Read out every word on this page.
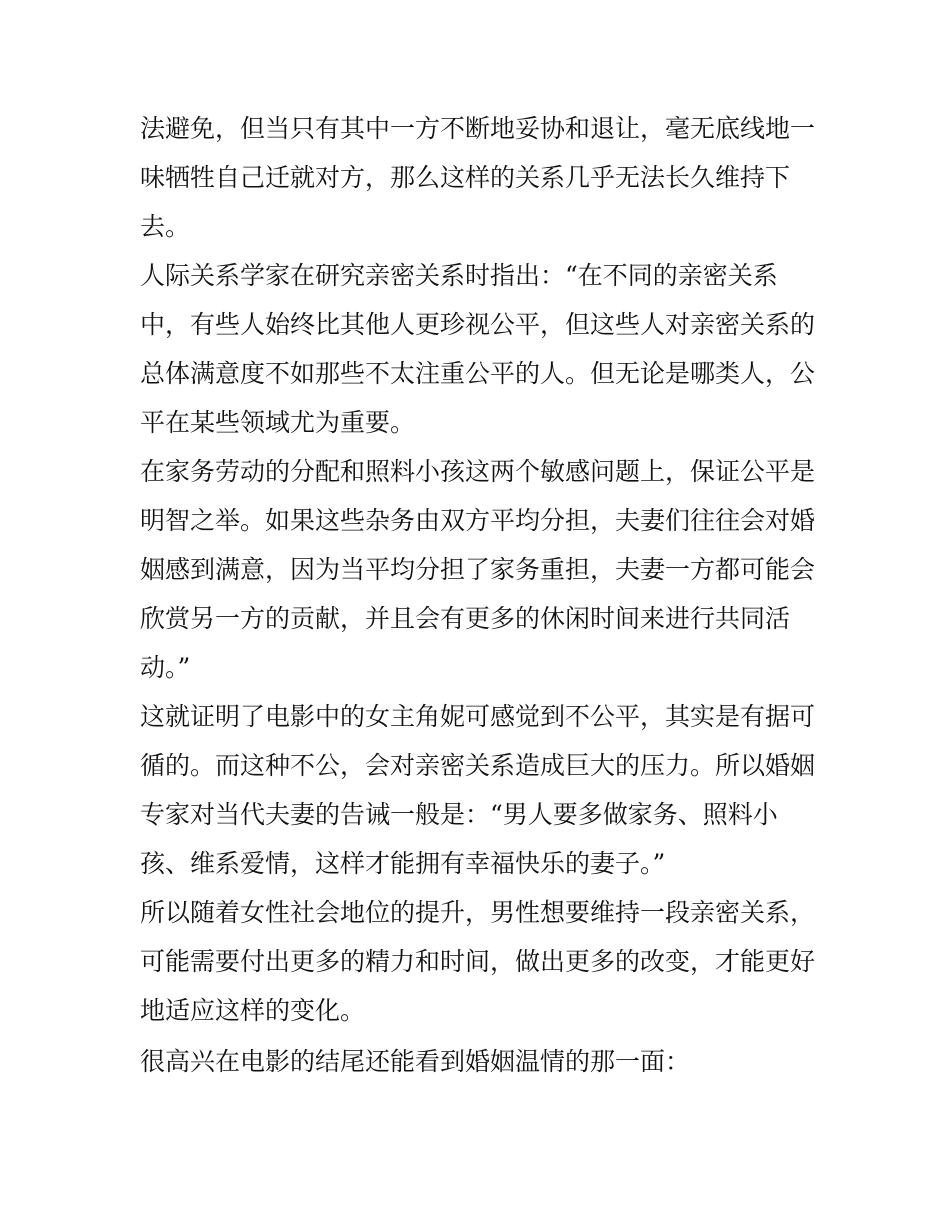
法避免，但当只有其中一方不断地妥协和退让，毫无底线地一
味牺牲自己迁就对方，那么这样的关系几乎无法长久维持下
去。
人际关系学家在研究亲密关系时指出：“在不同的亲密关系
中，有些人始终比其他人更珍视公平，但这些人对亲密关系的
总体满意度不如那些不太注重公平的人。但无论是哪类人，公
平在某些领域尤为重要。
在家务劳动的分配和照料小孩这两个敏感问题上，保证公平是
明智之举。如果这些杂务由双方平均分担，夫妻们往往会对婚
姻感到满意，因为当平均分担了家务重担，夫妻一方都可能会
欣赏另一方的贡献，并且会有更多的休闲时间来进行共同活
动。”
这就证明了电影中的女主角妮可感觉到不公平，其实是有据可
循的。而这种不公，会对亲密关系造成巨大的压力。所以婚姻
专家对当代夫妻的告诫一般是：“男人要多做家务、照料小
孩、维系爱情，这样才能拥有幸福快乐的妻子。”
所以随着女性社会地位的提升，男性想要维持一段亲密关系，
可能需要付出更多的精力和时间，做出更多的改变，才能更好
地适应这样的变化。
很高兴在电影的结尾还能看到婚姻温情的那一面：
